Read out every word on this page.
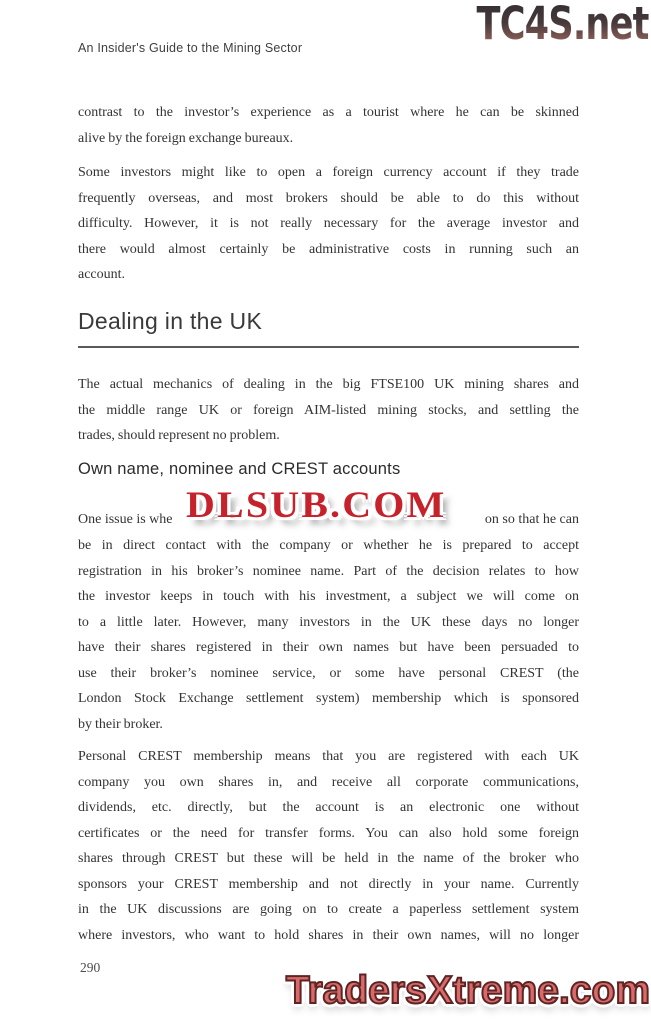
An Insider's Guide to the Mining Sector	TC4S.net
contrast to the investor’s experience as a tourist where he can be skinned
alive by the foreign exchange bureaux.
Some investors might like to open a foreign currency account if they trade
frequently overseas, and most brokers should be able to do this without
difficulty. However, it is not really necessary for the average investor and
there would almost certainly be administrative costs in running such an
account.
Dealing in the UK
The actual mechanics of dealing in the big FTSE100 UK mining shares and
the middle range UK or foreign AIM-listed mining stocks, and settling the
trades, should represent no problem.
Own name, nominee and CREST accounts
One issue is whe	on so that he can
DLSUB.COM
be in direct contact with the company or whether he is prepared to accept
registration in his broker’s nominee name. Part of the decision relates to how
the investor keeps in touch with his investment, a subject we will come on
to a little later. However, many investors in the UK these days no longer
have their shares registered in their own names but have been persuaded to
use their broker’s nominee service, or some have personal CREST (the
London Stock Exchange settlement system) membership which is sponsored
by their broker.
Personal CREST membership means that you are registered with each UK
company you own shares in, and receive all corporate communications,
dividends, etc. directly, but the account is an electronic one without
certificates or the need for transfer forms. You can also hold some foreign
shares through CREST but these will be held in the name of the broker who
sponsors your CREST membership and not directly in your name. Currently
in the UK discussions are going on to create a paperless settlement system
where investors, who want to hold shares in their own names, will no longer
290
TradersXtreme.com
